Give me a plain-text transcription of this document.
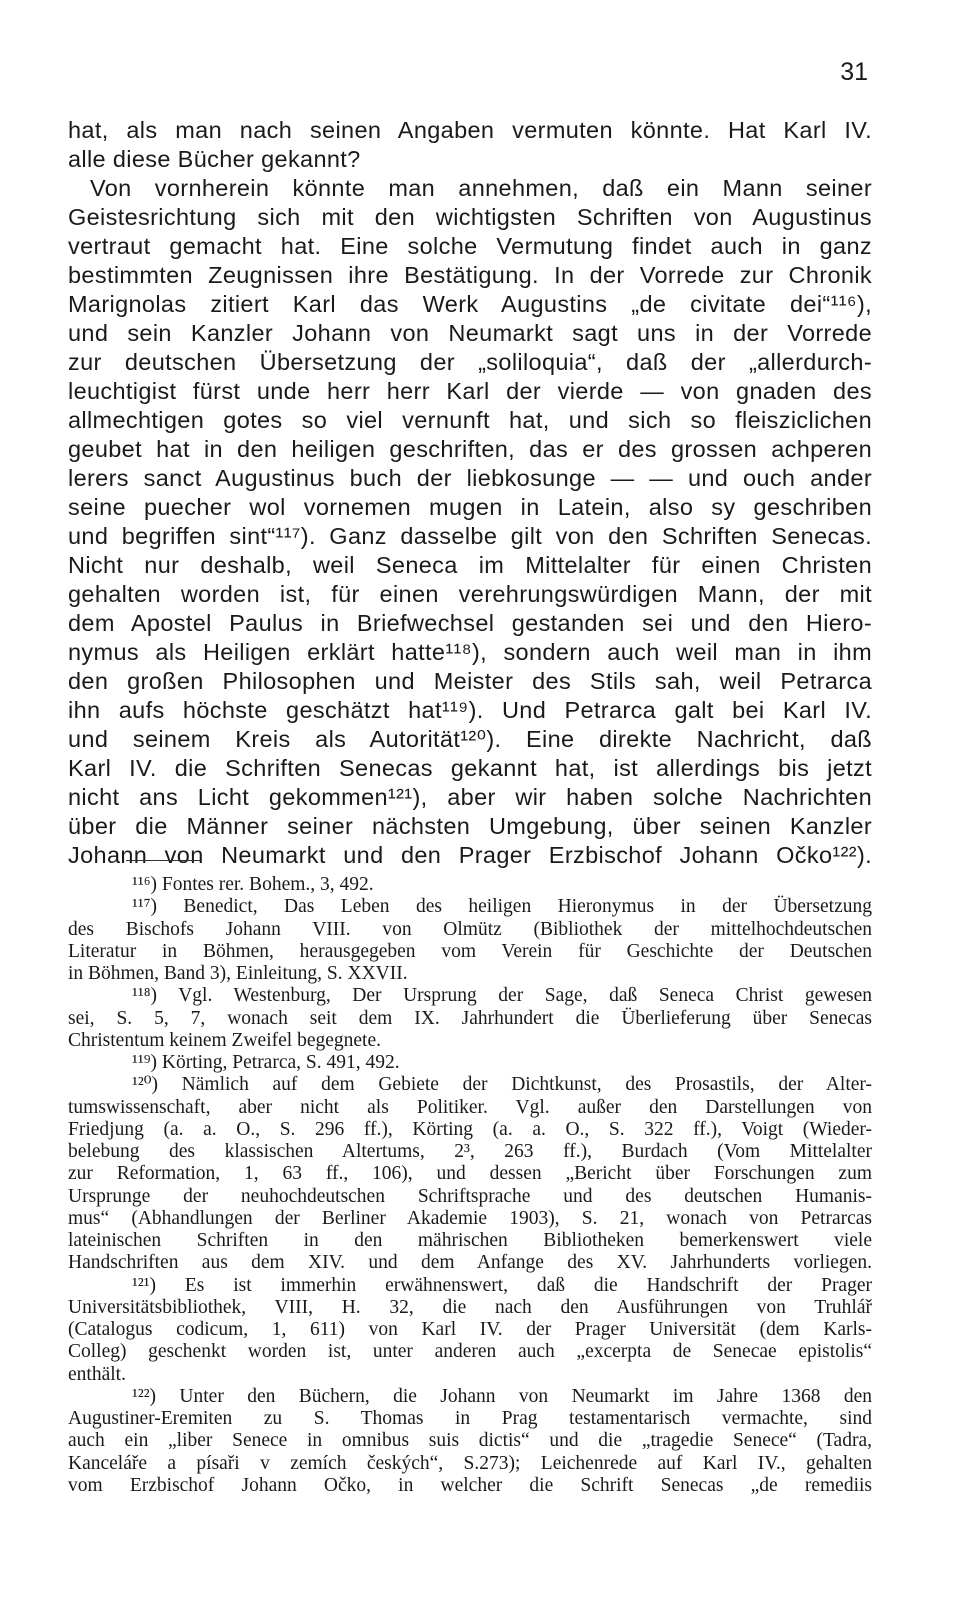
31
hat, als man nach seinen Angaben vermuten könnte. Hat Karl IV.
alle diese Bücher gekannt?
Von vornherein könnte man annehmen, daß ein Mann seiner
Geistesrichtung sich mit den wichtigsten Schriften von Augustinus
vertraut gemacht hat. Eine solche Vermutung findet auch in ganz
bestimmten Zeugnissen ihre Bestätigung. In der Vorrede zur Chronik
Marignolas zitiert Karl das Werk Augustins „de civitate dei“¹¹⁶),
und sein Kanzler Johann von Neumarkt sagt uns in der Vorrede
zur deutschen Übersetzung der „soliloquia“, daß der „allerdurch-
leuchtigist fürst unde herr herr Karl der vierde — von gnaden des
allmechtigen gotes so viel vernunft hat, und sich so fleisziclichen
geubet hat in den heiligen geschriften, das er des grossen achperen
lerers sanct Augustinus buch der liebkosunge — — und ouch ander
seine puecher wol vornemen mugen in Latein, also sy geschriben
und begriffen sint“¹¹⁷). Ganz dasselbe gilt von den Schriften Senecas.
Nicht nur deshalb, weil Seneca im Mittelalter für einen Christen
gehalten worden ist, für einen verehrungswürdigen Mann, der mit
dem Apostel Paulus in Briefwechsel gestanden sei und den Hiero-
nymus als Heiligen erklärt hatte¹¹⁸), sondern auch weil man in ihm
den großen Philosophen und Meister des Stils sah, weil Petrarca
ihn aufs höchste geschätzt hat¹¹⁹). Und Petrarca galt bei Karl IV.
und seinem Kreis als Autorität¹²⁰). Eine direkte Nachricht, daß
Karl IV. die Schriften Senecas gekannt hat, ist allerdings bis jetzt
nicht ans Licht gekommen¹²¹), aber wir haben solche Nachrichten
über die Männer seiner nächsten Umgebung, über seinen Kanzler
Johann von Neumarkt und den Prager Erzbischof Johann Očko¹²²).
¹¹⁶) Fontes rer. Bohem., 3, 492.
¹¹⁷) Benedict, Das Leben des heiligen Hieronymus in der Übersetzung
des Bischofs Johann VIII. von Olmütz (Bibliothek der mittelhochdeutschen
Literatur in Böhmen, herausgegeben vom Verein für Geschichte der Deutschen
in Böhmen, Band 3), Einleitung, S. XXVII.
¹¹⁸) Vgl. Westenburg, Der Ursprung der Sage, daß Seneca Christ gewesen
sei, S. 5, 7, wonach seit dem IX. Jahrhundert die Überlieferung über Senecas
Christentum keinem Zweifel begegnete.
¹¹⁹) Körting, Petrarca, S. 491, 492.
¹²⁰) Nämlich auf dem Gebiete der Dichtkunst, des Prosastils, der Alter-
tumswissenschaft, aber nicht als Politiker. Vgl. außer den Darstellungen von
Friedjung (a. a. O., S. 296 ff.), Körting (a. a. O., S. 322 ff.), Voigt (Wieder-
belebung des klassischen Altertums, 2³, 263 ff.), Burdach (Vom Mittelalter
zur Reformation, 1, 63 ff., 106), und dessen „Bericht über Forschungen zum
Ursprunge der neuhochdeutschen Schriftsprache und des deutschen Humanis-
mus“ (Abhandlungen der Berliner Akademie 1903), S. 21, wonach von Petrarcas
lateinischen Schriften in den mährischen Bibliotheken bemerkenswert viele
Handschriften aus dem XIV. und dem Anfange des XV. Jahrhunderts vorliegen.
¹²¹) Es ist immerhin erwähnenswert, daß die Handschrift der Prager
Universitätsbibliothek, VIII, H. 32, die nach den Ausführungen von Truhlář
(Catalogus codicum, 1, 611) von Karl IV. der Prager Universität (dem Karls-
Colleg) geschenkt worden ist, unter anderen auch „excerpta de Senecae epistolis“
enthält.
¹²²) Unter den Büchern, die Johann von Neumarkt im Jahre 1368 den
Augustiner-Eremiten zu S. Thomas in Prag testamentarisch vermachte, sind
auch ein „liber Senece in omnibus suis dictis“ und die „tragedie Senece“ (Tadra,
Kanceláře a písaři v zemích českých“, S.273); Leichenrede auf Karl IV., gehalten
vom Erzbischof Johann Očko, in welcher die Schrift Senecas „de remediis
